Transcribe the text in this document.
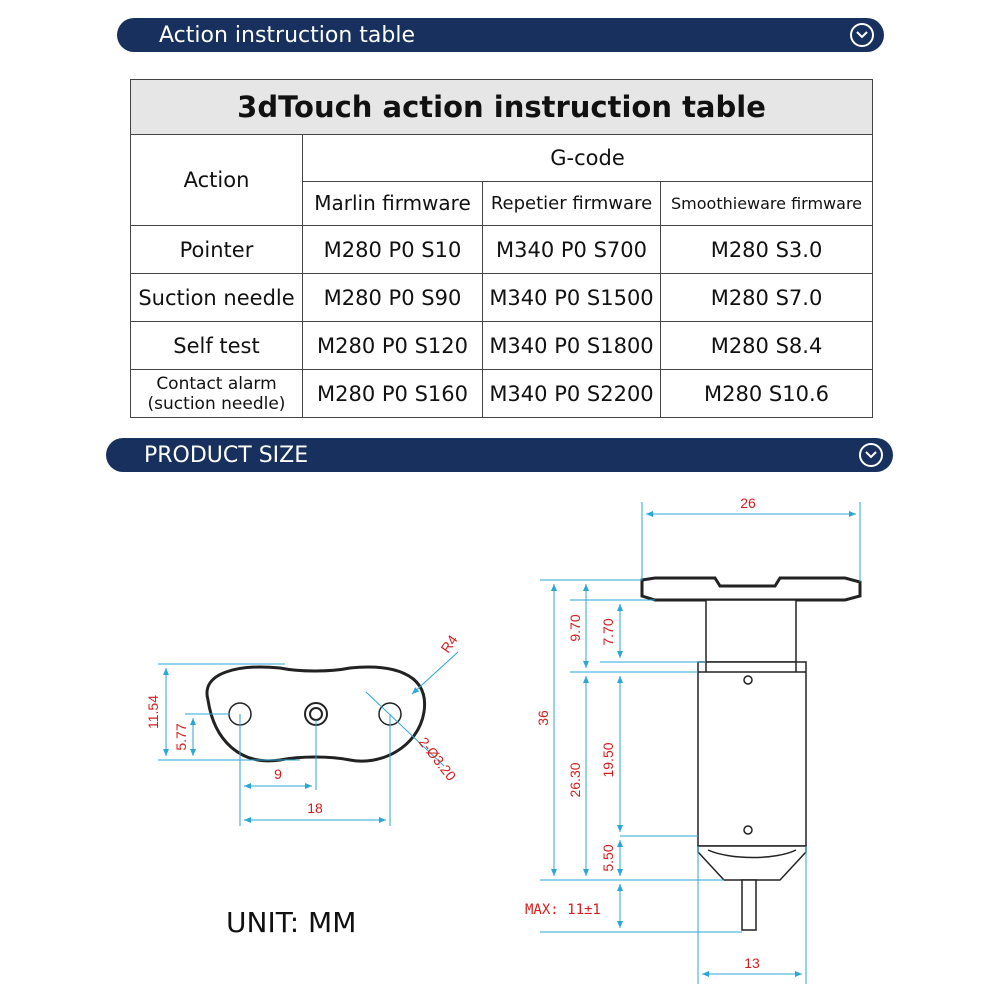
Action instruction table
3dTouch action instruction table			
Action	G-code		
	Marlin firmware	Repetier firmware	Smoothieware firmware
Pointer	M280 P0 S10	M340 P0 S700	M280 S3.0
Suction needle	M280 P0 S90	M340 P0 S1500	M280 S7.0
Self test	M280 P0 S120	M340 P0 S1800	M280 S8.4

Contact alarm
(suction needle)	M280 P0 S160	M340 P0 S2200	M280 S10.6
PRODUCT SIZE
11.54
5.77
9
18
R4
2-Ø3.20
26
36
9.70 7.70
26.30
19.50
5.50
MAX: 11±1
13
UNIT: MM
